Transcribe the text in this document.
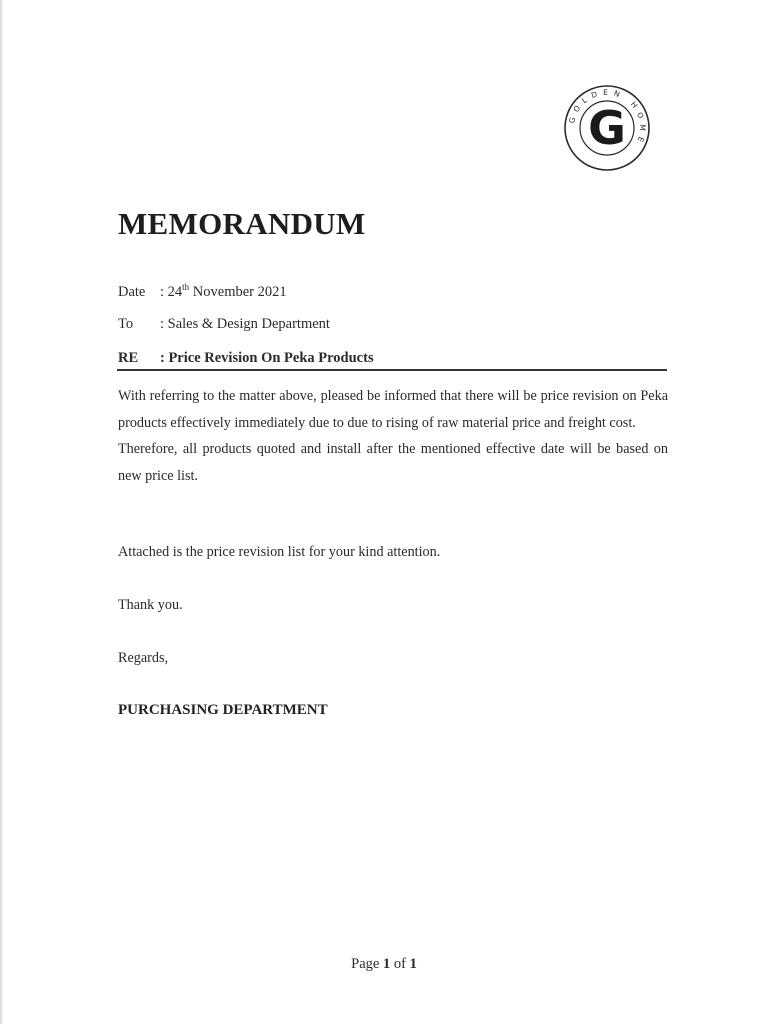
GOLDEN HOME
G
MEMORANDUM
Date : 24th November 2021
To : Sales & Design Department
RE : Price Revision On Peka Products

With referring to the matter above, pleased be informed that there will be price revision on Peka products effectively immediately due to due to rising of raw material price and freight cost.

Therefore, all products quoted and install after the mentioned effective date will be based on new price list.

Attached is the price revision list for your kind attention.
Thank you.
Regards,
PURCHASING DEPARTMENT
Page 1 of 1
